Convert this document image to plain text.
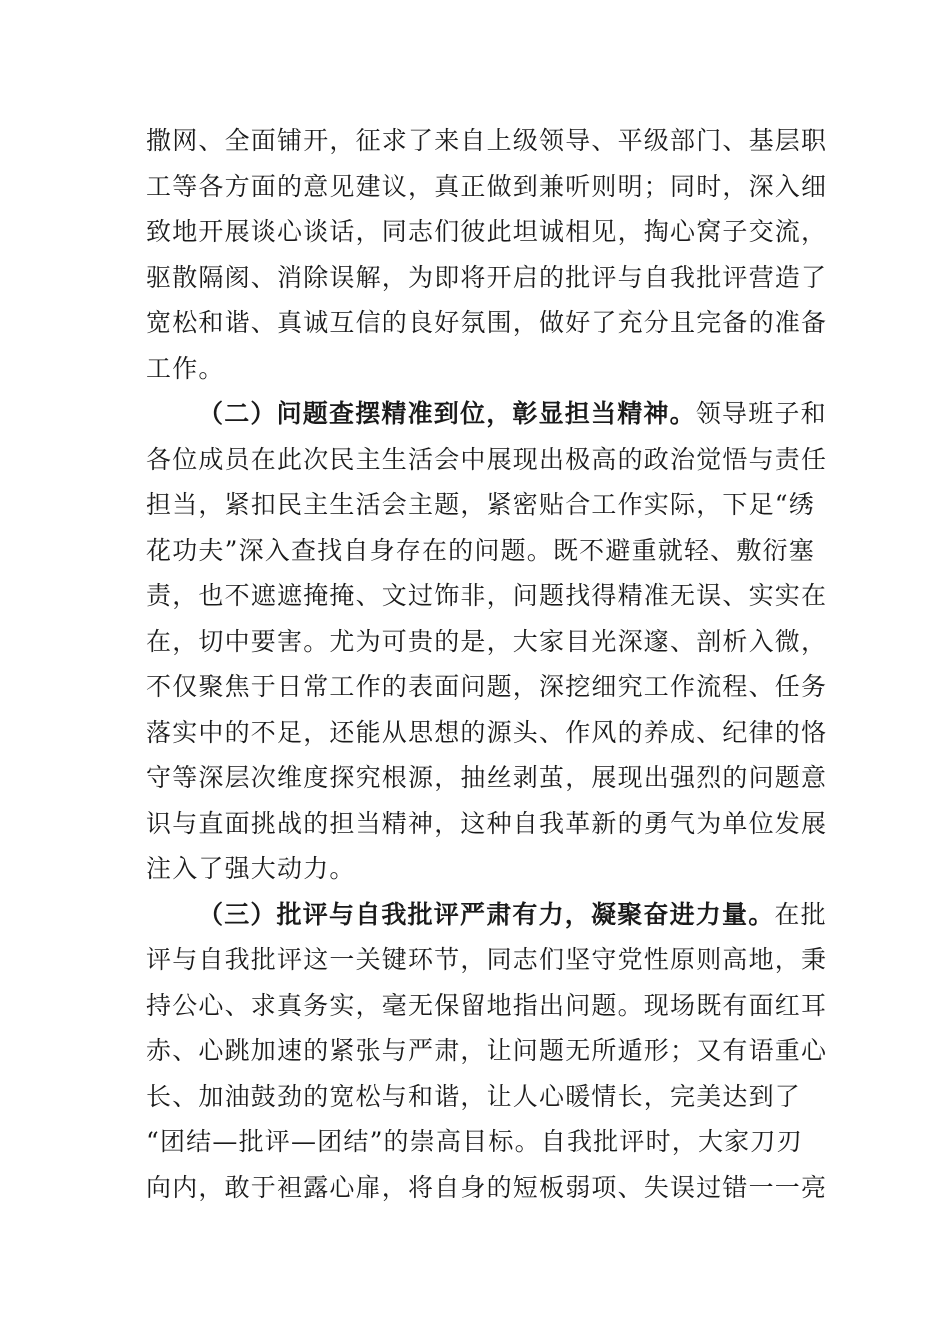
撒网、全面铺开，征求了来自上级领导、平级部门、基层职
工等各方面的意见建议，真正做到兼听则明；同时，深入细
致地开展谈心谈话，同志们彼此坦诚相见，掏心窝子交流，
驱散隔阂、消除误解，为即将开启的批评与自我批评营造了
宽松和谐、真诚互信的良好氛围，做好了充分且完备的准备
工作。
（二）问题查摆精准到位，彰显担当精神。领导班子和
各位成员在此次民主生活会中展现出极高的政治觉悟与责任
担当，紧扣民主生活会主题，紧密贴合工作实际，下足“绣
花功夫”深入查找自身存在的问题。既不避重就轻、敷衍塞
责，也不遮遮掩掩、文过饰非，问题找得精准无误、实实在
在，切中要害。尤为可贵的是，大家目光深邃、剖析入微，
不仅聚焦于日常工作的表面问题，深挖细究工作流程、任务
落实中的不足，还能从思想的源头、作风的养成、纪律的恪
守等深层次维度探究根源，抽丝剥茧，展现出强烈的问题意
识与直面挑战的担当精神，这种自我革新的勇气为单位发展
注入了强大动力。
（三）批评与自我批评严肃有力，凝聚奋进力量。在批
评与自我批评这一关键环节，同志们坚守党性原则高地，秉
持公心、求真务实，毫无保留地指出问题。现场既有面红耳
赤、心跳加速的紧张与严肃，让问题无所遁形；又有语重心
长、加油鼓劲的宽松与和谐，让人心暖情长，完美达到了
“团结—批评—团结”的崇高目标。自我批评时，大家刀刃
向内，敢于袒露心扉，将自身的短板弱项、失误过错一一亮
